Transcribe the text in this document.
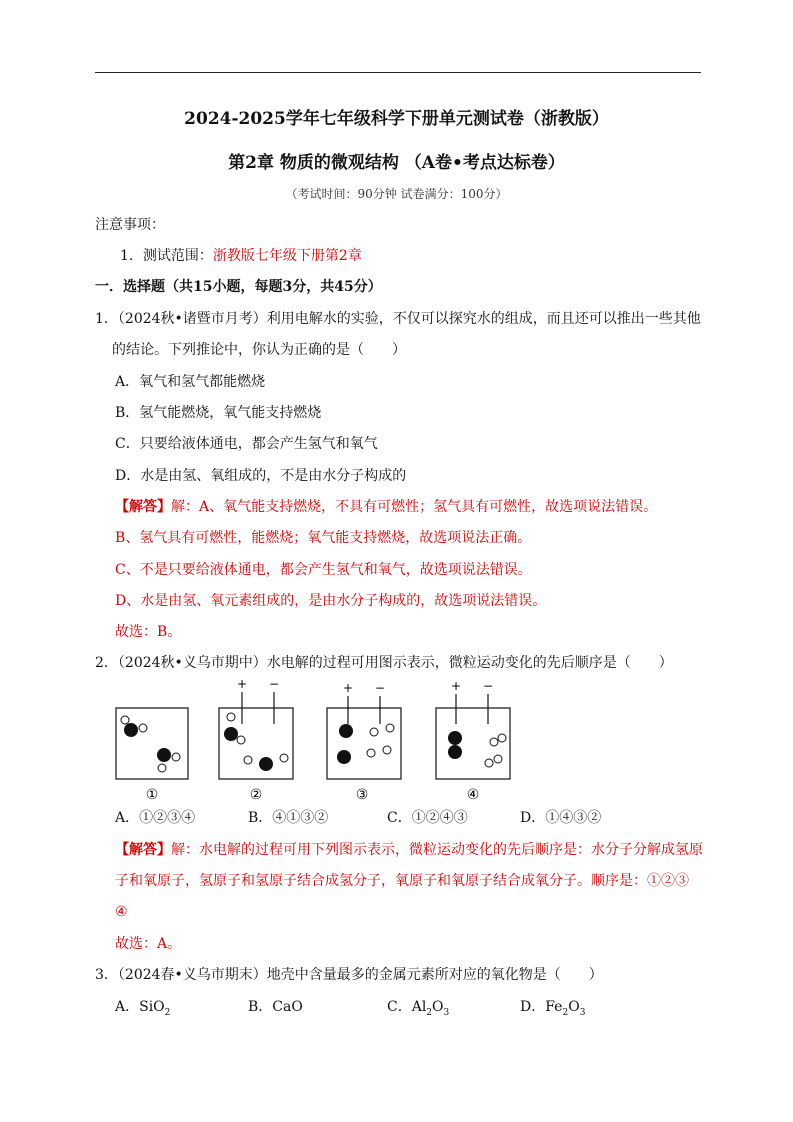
2024-2025学年七年级科学下册单元测试卷（浙教版）
第2章 物质的微观结构 （A卷•考点达标卷）
（考试时间：90分钟 试卷满分：100分）
注意事项：
1．测试范围：浙教版七年级下册第2章
一．选择题（共15小题，每题3分，共45分）
1．（2024秋•诸暨市月考）利用电解水的实验，不仅可以探究水的组成，而且还可以推出一些其他
的结论。下列推论中，你认为正确的是（　　）
A．氧气和氢气都能燃烧
B．氢气能燃烧，氧气能支持燃烧
C．只要给液体通电，都会产生氢气和氧气
D．水是由氢、氧组成的，不是由水分子构成的
【解答】解：A、氧气能支持燃烧，不具有可燃性；氢气具有可燃性，故选项说法错误。
B、氢气具有可燃性，能燃烧；氧气能支持燃烧，故选项说法正确。
C、不是只要给液体通电，都会产生氢气和氧气，故选项说法错误。
D、水是由氢、氧元素组成的，是由水分子构成的，故选项说法错误。
故选：B。
2．（2024秋•义乌市期中）水电解的过程可用图示表示，微粒运动变化的先后顺序是（　　）
①
+ −
②
+ −
③
+ −
④
A．①②③④	B．④①③②	C．①②④③	D．①④③②
【解答】解：水电解的过程可用下列图示表示，微粒运动变化的先后顺序是：水分子分解成氢原
子和氧原子，氢原子和氢原子结合成氢分子，氧原子和氧原子结合成氧分子。顺序是：①②③
④
故选：A。
3．（2024春•义乌市期末）地壳中含量最多的金属元素所对应的氧化物是（　　）
A．SiO$_2$	B．CaO	C．$Al_2O_3$	D．$Fe_2O_3$
